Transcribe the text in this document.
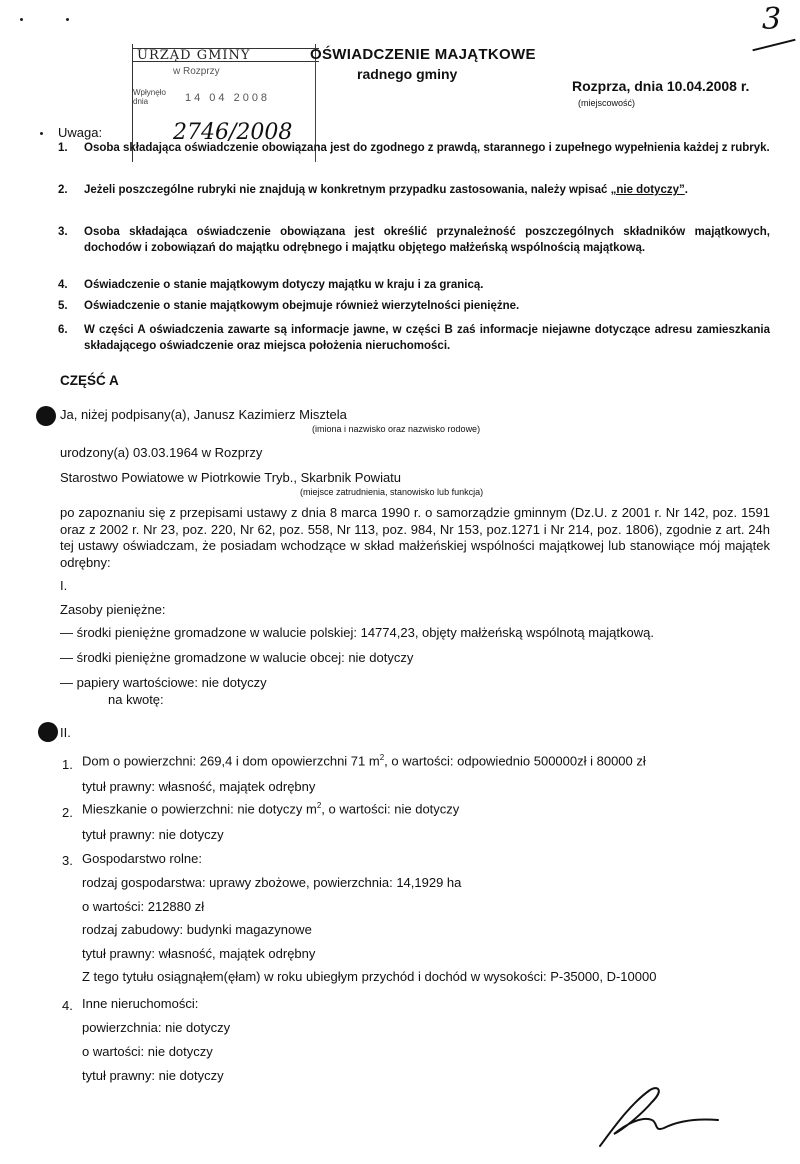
3
URZĄD GMINY
w Rozprzy
Wpłynęło dnia	14 04 2008
2746/2008
OŚWIADCZENIE MAJĄTKOWE
radnego gminy
Rozprza, dnia 10.04.2008 r.
(miejscowość)
Uwaga:
1. Osoba składająca oświadczenie obowiązana jest do zgodnego z prawdą, starannego i zupełnego wypełnienia każdej z rubryk.
2. Jeżeli poszczególne rubryki nie znajdują w konkretnym przypadku zastosowania, należy wpisać „nie dotyczy”.
3. Osoba składająca oświadczenie obowiązana jest określić przynależność poszczególnych składników majątkowych, dochodów i zobowiązań do majątku odrębnego i majątku objętego małżeńską wspólnością majątkową.
4. Oświadczenie o stanie majątkowym dotyczy majątku w kraju i za granicą.
5. Oświadczenie o stanie majątkowym obejmuje również wierzytelności pieniężne.
6. W części A oświadczenia zawarte są informacje jawne, w części B zaś informacje niejawne dotyczące adresu zamieszkania składającego oświadczenie oraz miejsca położenia nieruchomości.
CZĘŚĆ A
Ja, niżej podpisany(a), Janusz Kazimierz Misztela
(imiona i nazwisko oraz nazwisko rodowe)
urodzony(a) 03.03.1964 w Rozprzy
Starostwo Powiatowe w Piotrkowie Tryb., Skarbnik Powiatu
(miejsce zatrudnienia, stanowisko lub funkcja)
po zapoznaniu się z przepisami ustawy z dnia 8 marca 1990 r. o samorządzie gminnym (Dz.U. z 2001 r. Nr 142, poz. 1591 oraz z 2002 r. Nr 23, poz. 220, Nr 62, poz. 558, Nr 113, poz. 984, Nr 153, poz.1271 i Nr 214, poz. 1806), zgodnie z art. 24h tej ustawy oświadczam, że posiadam wchodzące w skład małżeńskiej wspólności majątkowej lub stanowiące mój majątek odrębny:
I.
Zasoby pieniężne:
— środki pieniężne gromadzone w walucie polskiej: 14774,23, objęty małżeńską wspólnotą majątkową.
— środki pieniężne gromadzone w walucie obcej: nie dotyczy
— papiery wartościowe: nie dotyczy
na kwotę:
II.
1. Dom o powierzchni: 269,4 i dom opowierzchni 71 $m^2$, o wartości: odpowiednio 500000zł i 80000 zł
tytuł prawny: własność, majątek odrębny
2. Mieszkanie o powierzchni: nie dotyczy $m^2$, o wartości: nie dotyczy
tytuł prawny: nie dotyczy
3. Gospodarstwo rolne:
rodzaj gospodarstwa: uprawy zbożowe, powierzchnia: 14,1929 ha
o wartości: 212880 zł
rodzaj zabudowy: budynki magazynowe
tytuł prawny: własność, majątek odrębny
Z tego tytułu osiągnąłem(ęłam) w roku ubiegłym przychód i dochód w wysokości: P-35000, D-10000
4. Inne nieruchomości:
powierzchnia: nie dotyczy
o wartości: nie dotyczy
tytuł prawny: nie dotyczy
